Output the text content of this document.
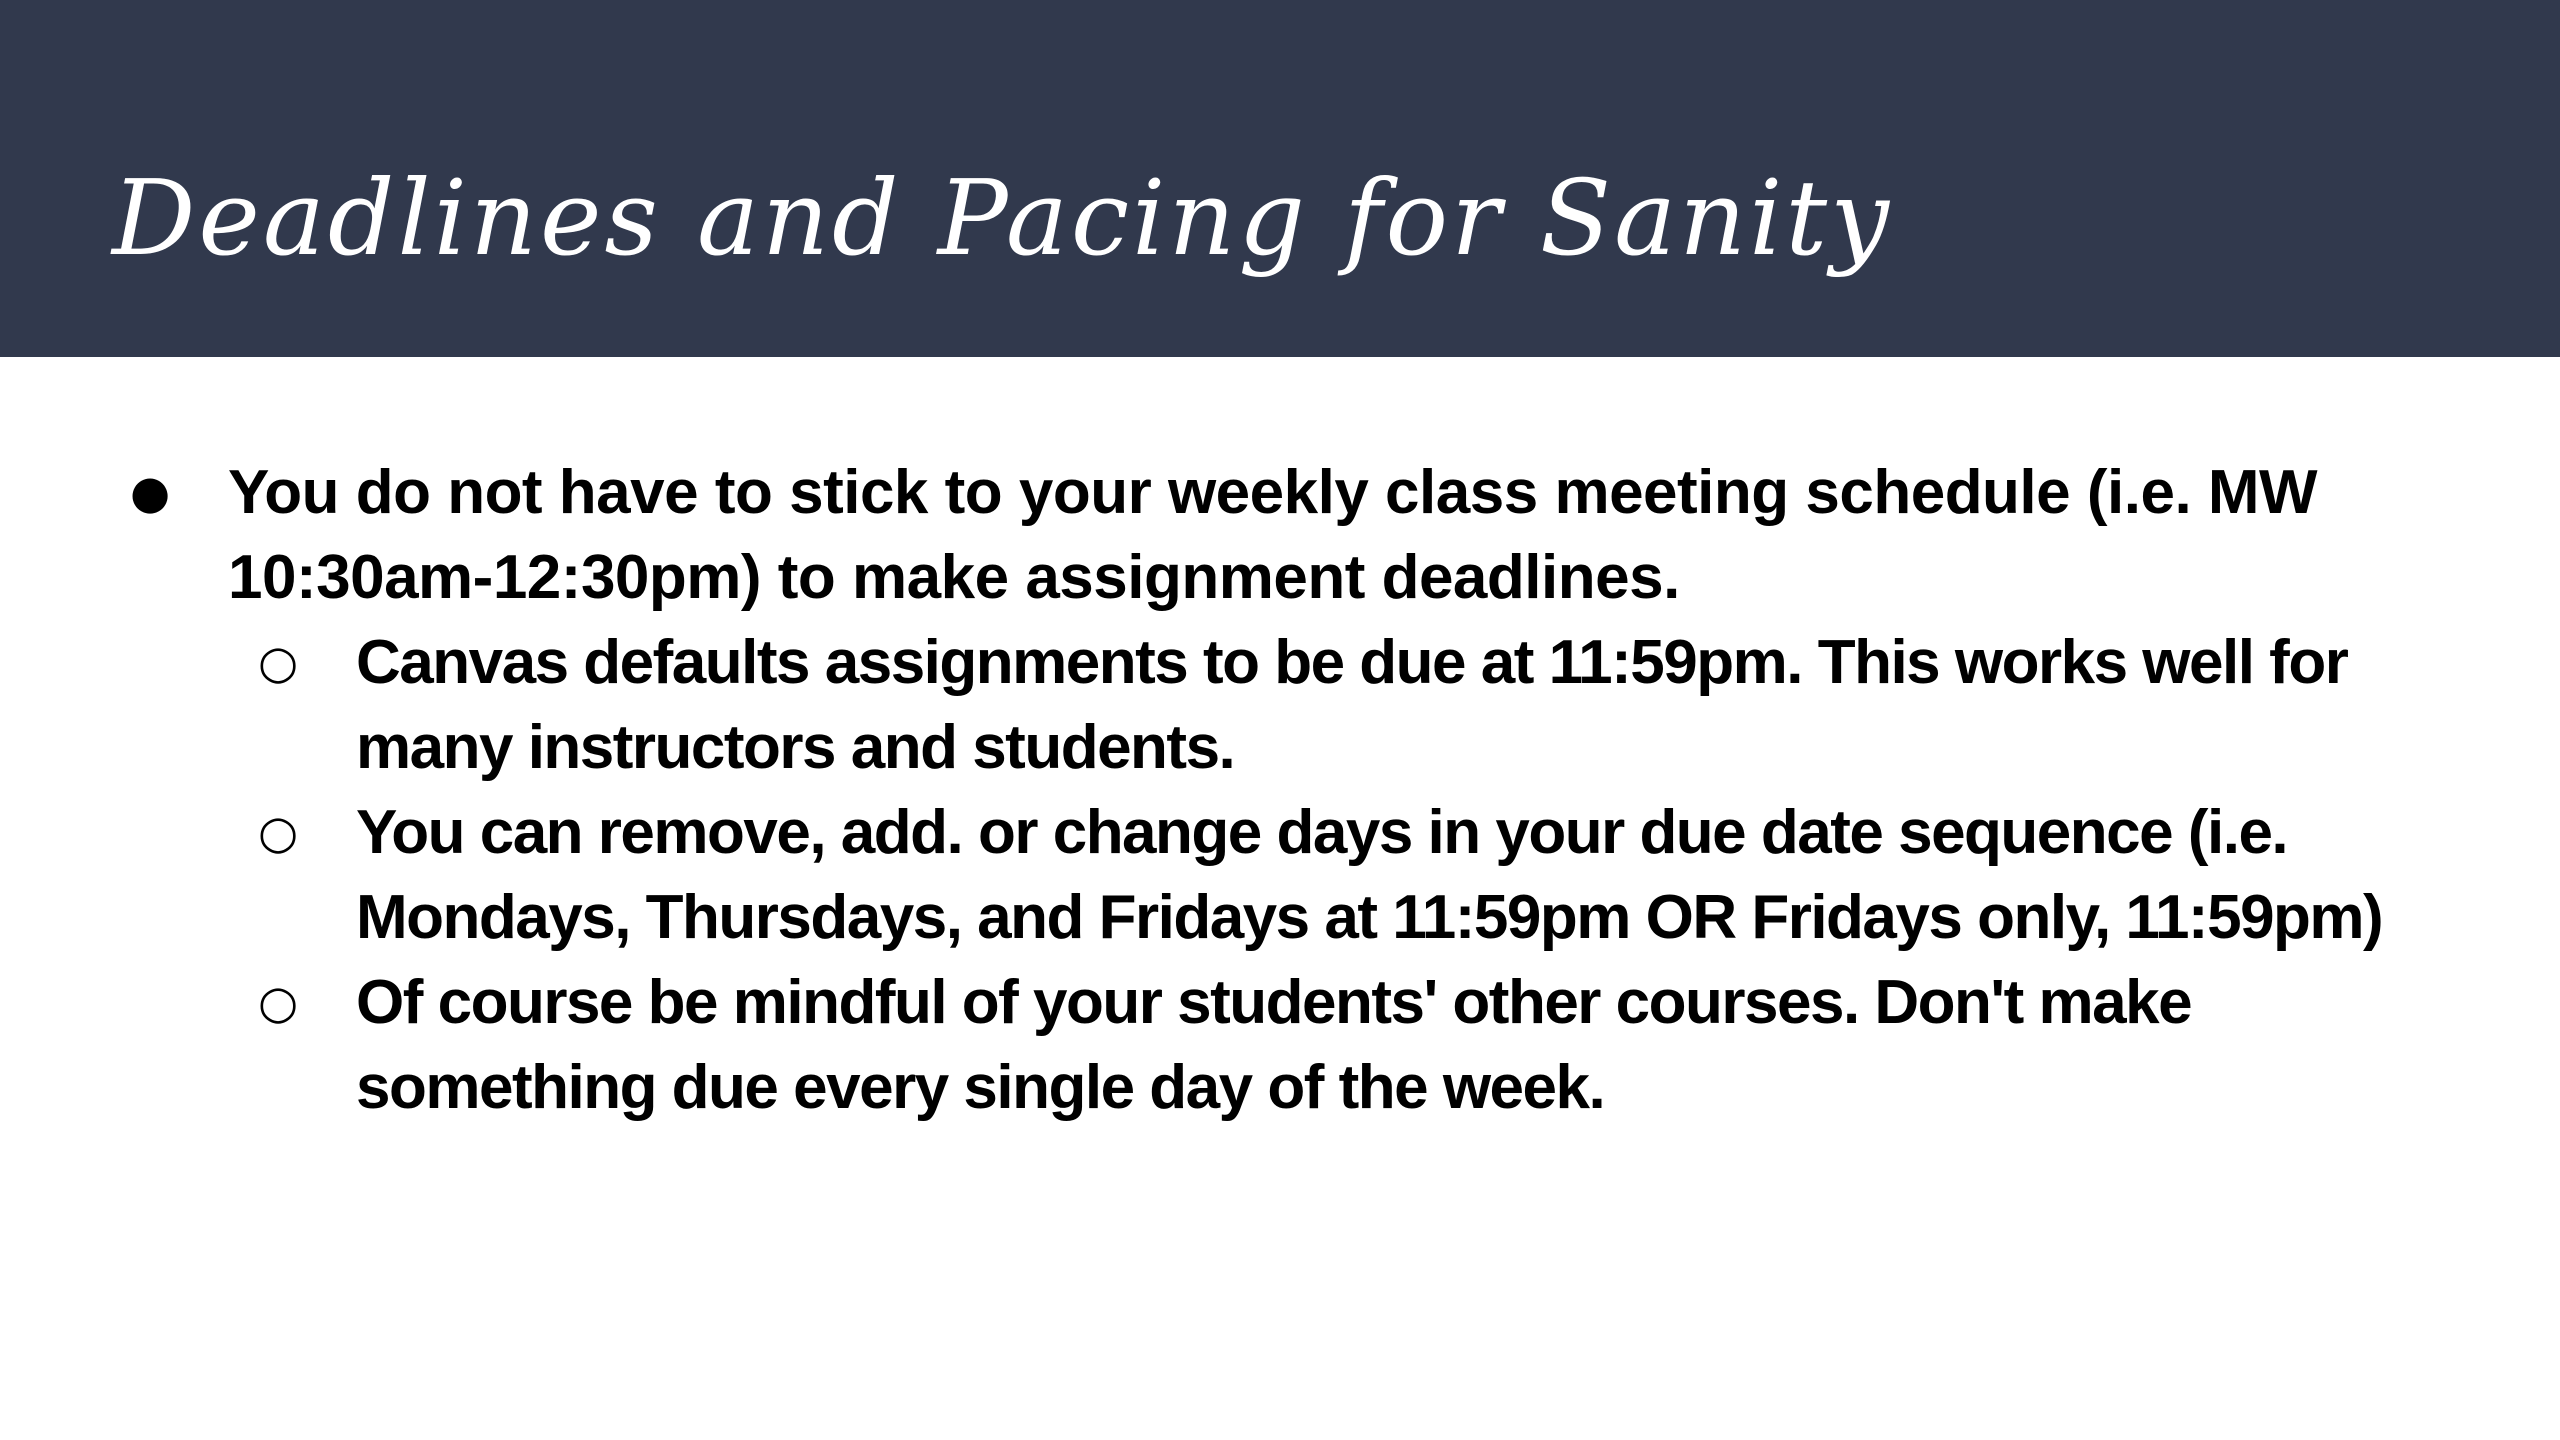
Deadlines and Pacing for Sanity
● You do not have to stick to your weekly class meeting schedule (i.e. MW 10:30am-12:30pm) to make assignment deadlines.
○ Canvas defaults assignments to be due at 11:59pm. This works well for many instructors and students.
○ You can remove, add. or change days in your due date sequence (i.e. Mondays, Thursdays, and Fridays at 11:59pm OR Fridays only, 11:59pm)
○ Of course be mindful of your students' other courses. Don't make something due every single day of the week.
